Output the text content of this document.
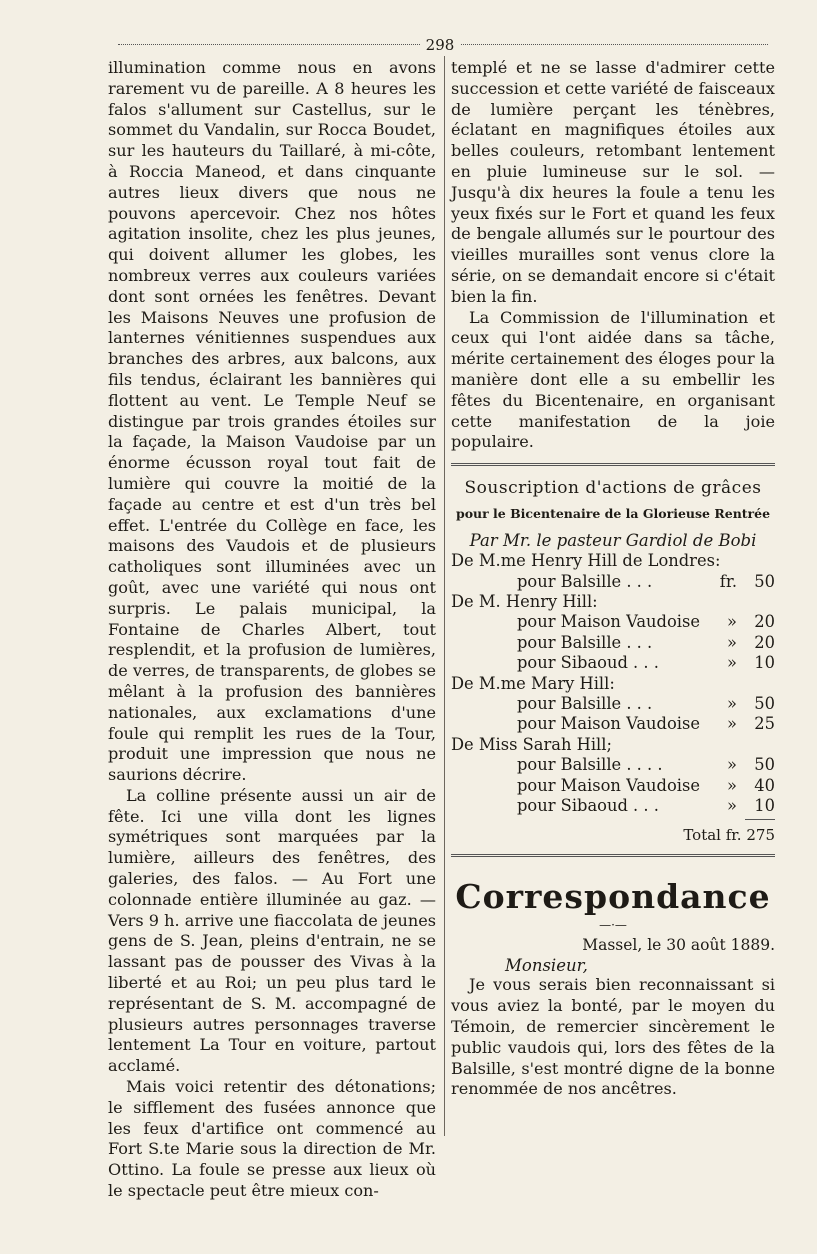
298

illumination comme nous en avons rarement vu de pareille. A 8 heures les falos s'allument sur Castellus, sur le sommet du Vandalin, sur Rocca Boudet, sur les hauteurs du Taillaré, à mi-côte, à Roccia Maneod, et dans cinquante autres lieux divers que nous ne pouvons apercevoir. Chez nos hôtes agitation insolite, chez les plus jeunes, qui doivent allumer les globes, les nombreux verres aux couleurs variées dont sont ornées les fenêtres. Devant les Maisons Neuves une profusion de lanternes vénitiennes suspendues aux branches des arbres, aux balcons, aux fils tendus, éclairant les bannières qui flottent au vent. Le Temple Neuf se distingue par trois grandes étoiles sur la façade, la Maison Vaudoise par un énorme écusson royal tout fait de lumière qui couvre la moitié de la façade au centre et est d'un très bel effet. L'entrée du Collège en face, les maisons des Vaudois et de plusieurs catholiques sont illuminées avec un goût, avec une variété qui nous ont surpris. Le palais municipal, la Fontaine de Charles Albert, tout resplendit, et la profusion de lumières, de verres, de transparents, de globes se mêlant à la profusion des bannières nationales, aux exclamations d'une foule qui remplit les rues de la Tour, produit une impression que nous ne saurions décrire.

La colline présente aussi un air de fête. Ici une villa dont les lignes symétriques sont marquées par la lumière, ailleurs des fenêtres, des galeries, des falos. — Au Fort une colonnade entière illuminée au gaz. — Vers 9 h. arrive une fiaccolata de jeunes gens de S. Jean, pleins d'entrain, ne se lassant pas de pousser des Vivas à la liberté et au Roi; un peu plus tard le représentant de S. M. accompagné de plusieurs autres personnages traverse lentement La Tour en voiture, partout acclamé.

Mais voici retentir des détonations; le sifflement des fusées annonce que les feux d'artifice ont commencé au Fort S.te Marie sous la direction de Mr. Ottino. La foule se presse aux lieux où le spectacle peut être mieux con-

templé et ne se lasse d'admirer cette succession et cette variété de faisceaux de lumière perçant les ténèbres, éclatant en magnifiques étoiles aux belles couleurs, retombant lentement en pluie lumineuse sur le sol. — Jusqu'à dix heures la foule a tenu les yeux fixés sur le Fort et quand les feux de bengale allumés sur le pourtour des vieilles murailles sont venus clore la série, on se demandait encore si c'était bien la fin.

La Commission de l'illumination et ceux qui l'ont aidée dans sa tâche, mérite certainement des éloges pour la manière dont elle a su embellir les fêtes du Bicentenaire, en organisant cette manifestation de la joie populaire.

Souscription d'actions de grâces
pour le Bicentenaire de la Glorieuse Rentrée
Par Mr. le pasteur Gardiol de Bobi
De M.me Henry Hill de Londres:		
pour Balsille . . .	fr.	50
De M. Henry Hill:		
pour Maison Vaudoise	»	20
pour Balsille . . .	»	20
pour Sibaoud . . .	»	10
De M.me Mary Hill:		
pour Balsille . . .	»	50
pour Maison Vaudoise	»	25
De Miss Sarah Hill;		
pour Balsille . . . .	»	50
pour Maison Vaudoise	»	40
pour Sibaoud . . .	»	10
Total fr. 275
Correspondance
—·—
Massel, le 30 août 1889.
Monsieur,

Je vous serais bien reconnaissant si vous aviez la bonté, par le moyen du Témoin, de remercier sincèrement le public vaudois qui, lors des fêtes de la Balsille, s'est montré digne de la bonne renommée de nos ancêtres.
